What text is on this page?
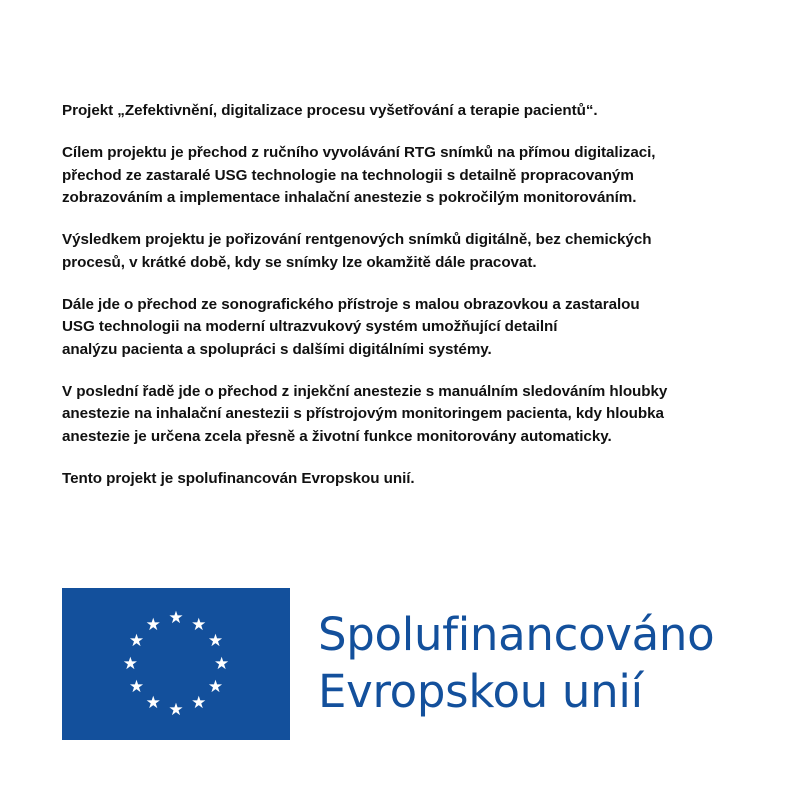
Projekt „Zefektivnění, digitalizace procesu vyšetřování a terapie pacientů“.
Cílem projektu je přechod z ručního vyvolávání RTG snímků na přímou digitalizaci,
přechod ze zastaralé USG technologie na technologii s detailně propracovaným
zobrazováním a implementace inhalační anestezie s pokročilým monitorováním.
Výsledkem projektu je pořizování rentgenových snímků digitálně, bez chemických
procesů, v krátké době, kdy se snímky lze okamžitě dále pracovat.
Dále jde o přechod ze sonografického přístroje s malou obrazovkou a zastaralou
USG technologii na moderní ultrazvukový systém umožňující detailní
analýzu pacienta a spolupráci s dalšími digitálními systémy.
V poslední řadě jde o přechod z injekční anestezie s manuálním sledováním hloubky
anestezie na inhalační anestezii s přístrojovým monitoringem pacienta, kdy hloubka
anestezie je určena zcela přesně a životní funkce monitorovány automaticky.
Tento projekt je spolufinancován Evropskou unií.
★ ★
★
★
★
★
★
★
★
★
★
★	Spolufinancováno
Evropskou unií
